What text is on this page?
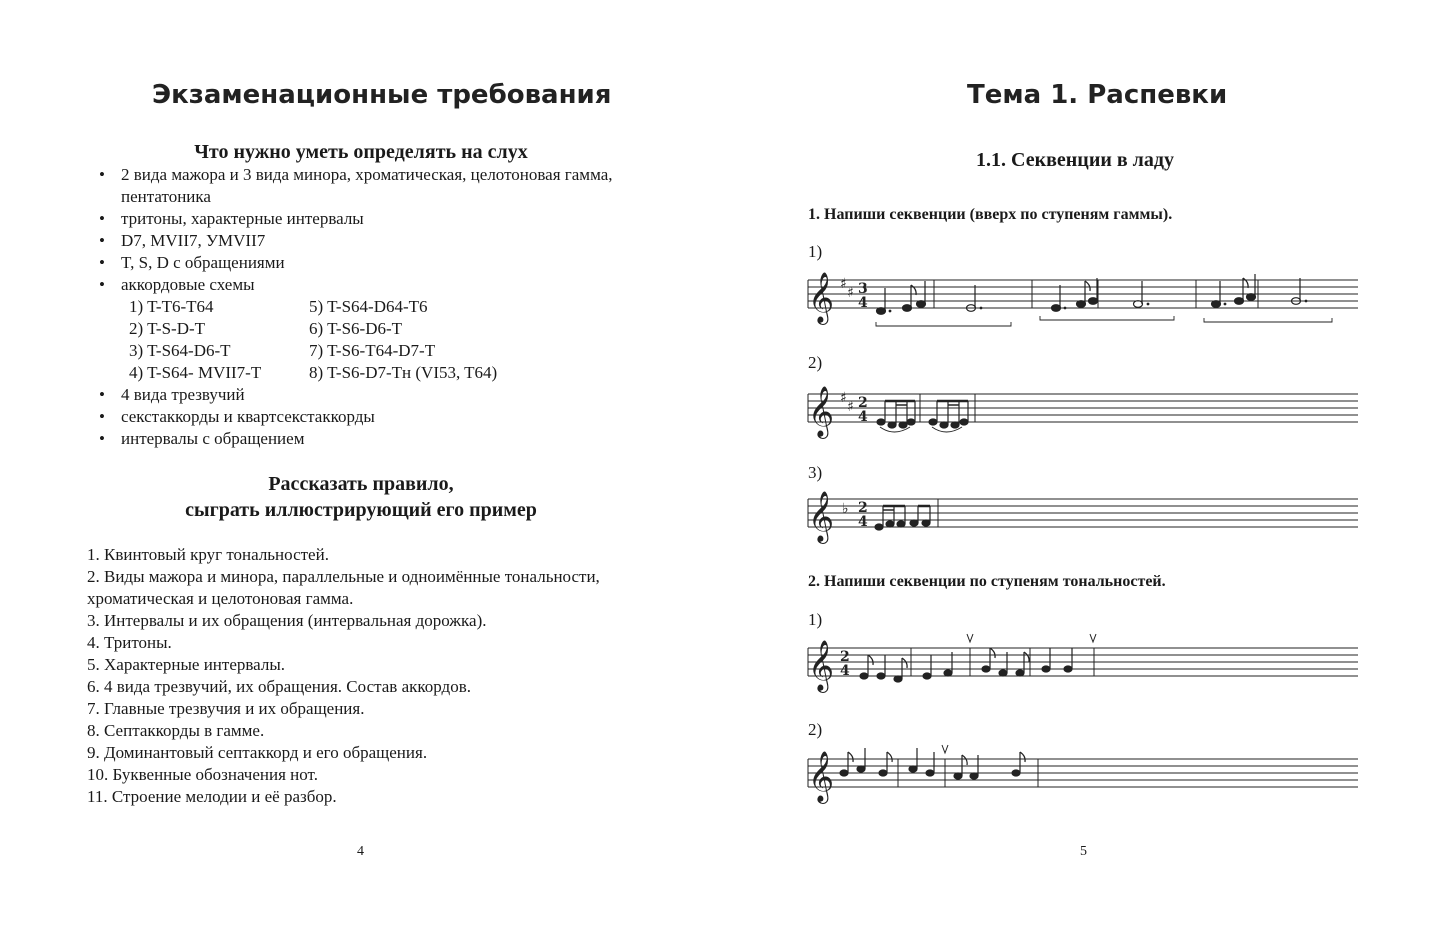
Экзаменационные требования
Что нужно уметь определять на слух
• 2 вида мажора и 3 вида минора, хроматическая, целотоновая гамма, пентатоника
• тритоны, характерные интервалы
• D7, MVII7, УMVII7
• T, S, D с обращениями
• аккордовые схемы
1) T-T6-T64	5) T-S64-D64-T6
2) T-S-D-T	6) T-S6-D6-T
3) T-S64-D6-T	7) T-S6-T64-D7-T
4) T-S64- MVII7-T	8) T-S6-D7-Tн (VI53, T64)
• 4 вида трезвучий
• секстаккорды и квартсекстаккорды
• интервалы с обращением
Рассказать правило,
сыграть иллюстрирующий его пример
1. Квинтовый круг тональностей.
2. Виды мажора и минора, параллельные и одноимённые тональности, хроматическая и целотоновая гамма.
3. Интервалы и их обращения (интервальная дорожка).
4. Тритоны.
5. Характерные интервалы.
6. 4 вида трезвучий, их обращения. Состав аккордов.
7. Главные трезвучия и их обращения.
8. Септаккорды в гамме.
9. Доминантовый септаккорд и его обращения.
10. Буквенные обозначения нот.
11. Строение мелодии и её разбор.
4
Тема 1. Распевки
1.1. Секвенции в ладу
1. Напиши секвенции (вверх по ступеням гаммы).
1)
𝄞 ♯
♯ 3
4
2)
𝄞 ♯
♯ 2
4
3)
𝄞 ♭ 2
4
2. Напиши секвенции по ступеням тональностей.
1)
𝄞 2
4
2)
𝄞
5
